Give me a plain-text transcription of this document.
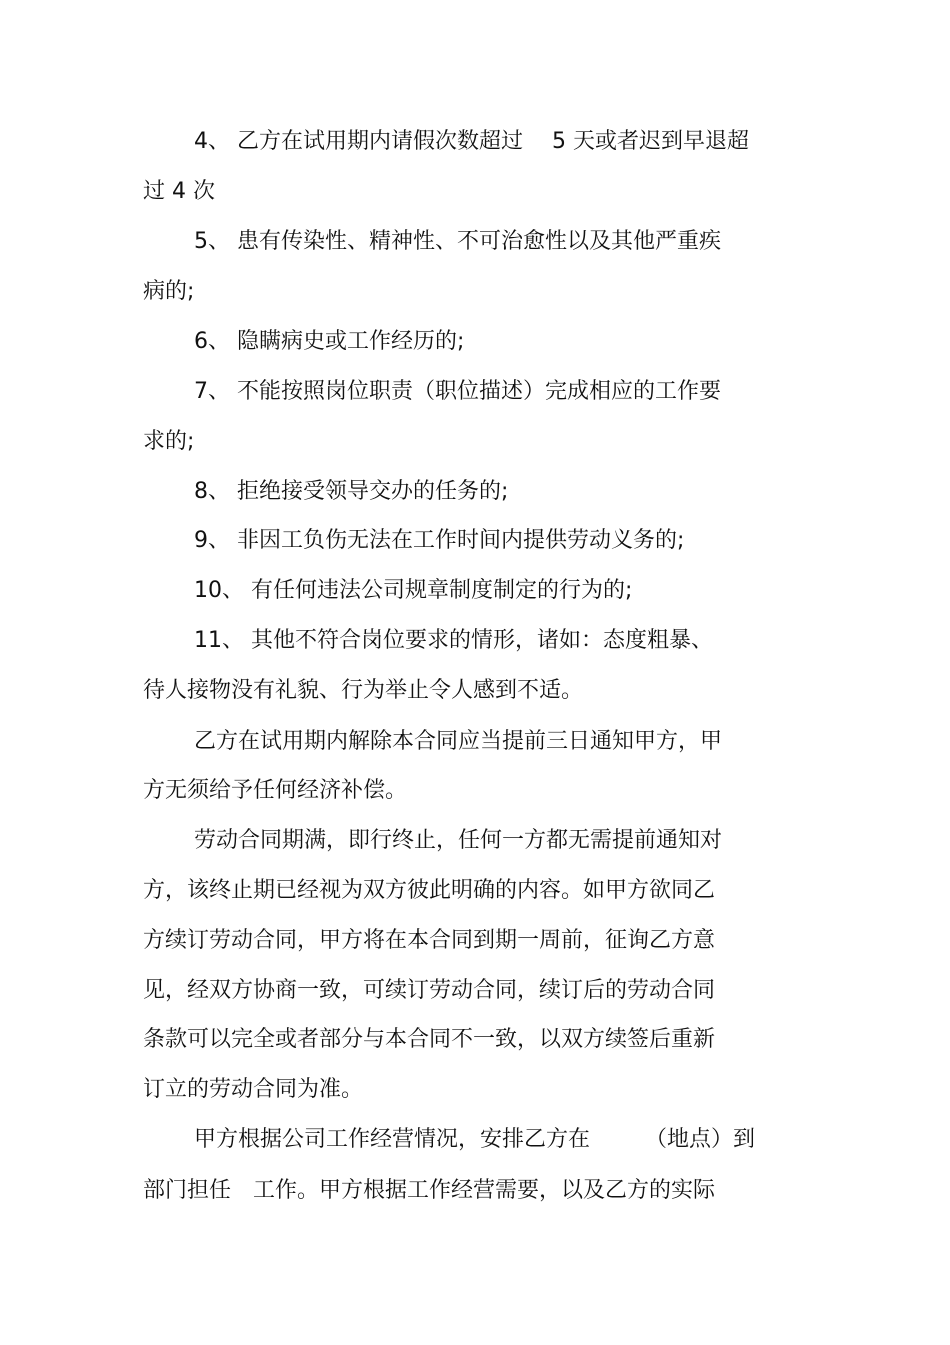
4、 乙方在试用期内请假次数超过　 5 天或者迟到早退超
过 4 次
5、 患有传染性、精神性、不可治愈性以及其他严重疾
病的;
6、 隐瞒病史或工作经历的;
7、 不能按照岗位职责（职位描述）完成相应的工作要
求的;
8、 拒绝接受领导交办的任务的;
9、 非因工负伤无法在工作时间内提供劳动义务的;
10、 有任何违法公司规章制度制定的行为的;
11、 其他不符合岗位要求的情形，诸如：态度粗暴、
待人接物没有礼貌、行为举止令人感到不适。
乙方在试用期内解除本合同应当提前三日通知甲方，甲
方无须给予任何经济补偿。
劳动合同期满，即行终止，任何一方都无需提前通知对
方，该终止期已经视为双方彼此明确的内容。如甲方欲同乙
方续订劳动合同，甲方将在本合同到期一周前，征询乙方意
见，经双方协商一致，可续订劳动合同，续订后的劳动合同
条款可以完全或者部分与本合同不一致，以双方续签后重新
订立的劳动合同为准。
甲方根据公司工作经营情况，安排乙方在　　　（地点）到
部门担任　工作。甲方根据工作经营需要，以及乙方的实际
